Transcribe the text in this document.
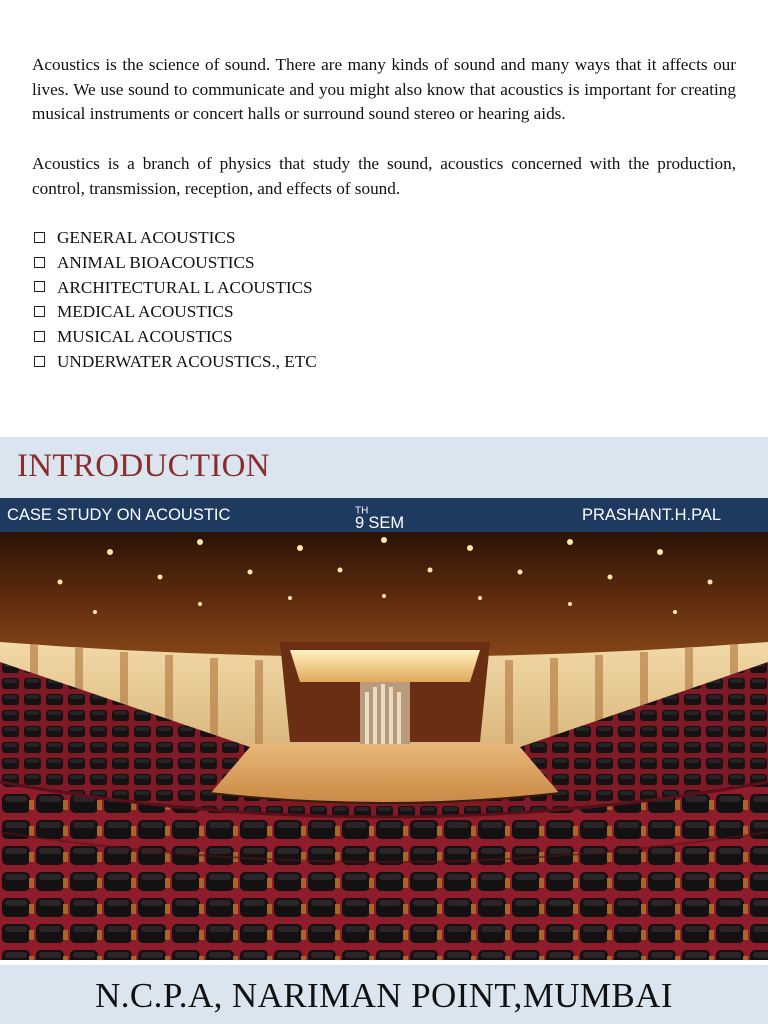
Acoustics is the science of sound. There are many kinds of sound and many ways that it affects our lives. We use sound to communicate and you might also know that acoustics is important for creating musical instruments or concert halls or surround sound stereo or hearing aids.

Acoustics is a branch of physics that study the sound, acoustics concerned with the production, control, transmission, reception, and effects of sound.

GENERAL ACOUSTICS
ANIMAL BIOACOUSTICS
ARCHITECTURAL L ACOUSTICS
MEDICAL ACOUSTICS
MUSICAL ACOUSTICS
UNDERWATER ACOUSTICS., ETC
INTRODUCTION
CASE STUDY ON ACOUSTIC	9
$^{TH}$
SEM	PRASHANT.H.PAL
N.C.P.A, NARIMAN POINT,MUMBAI
